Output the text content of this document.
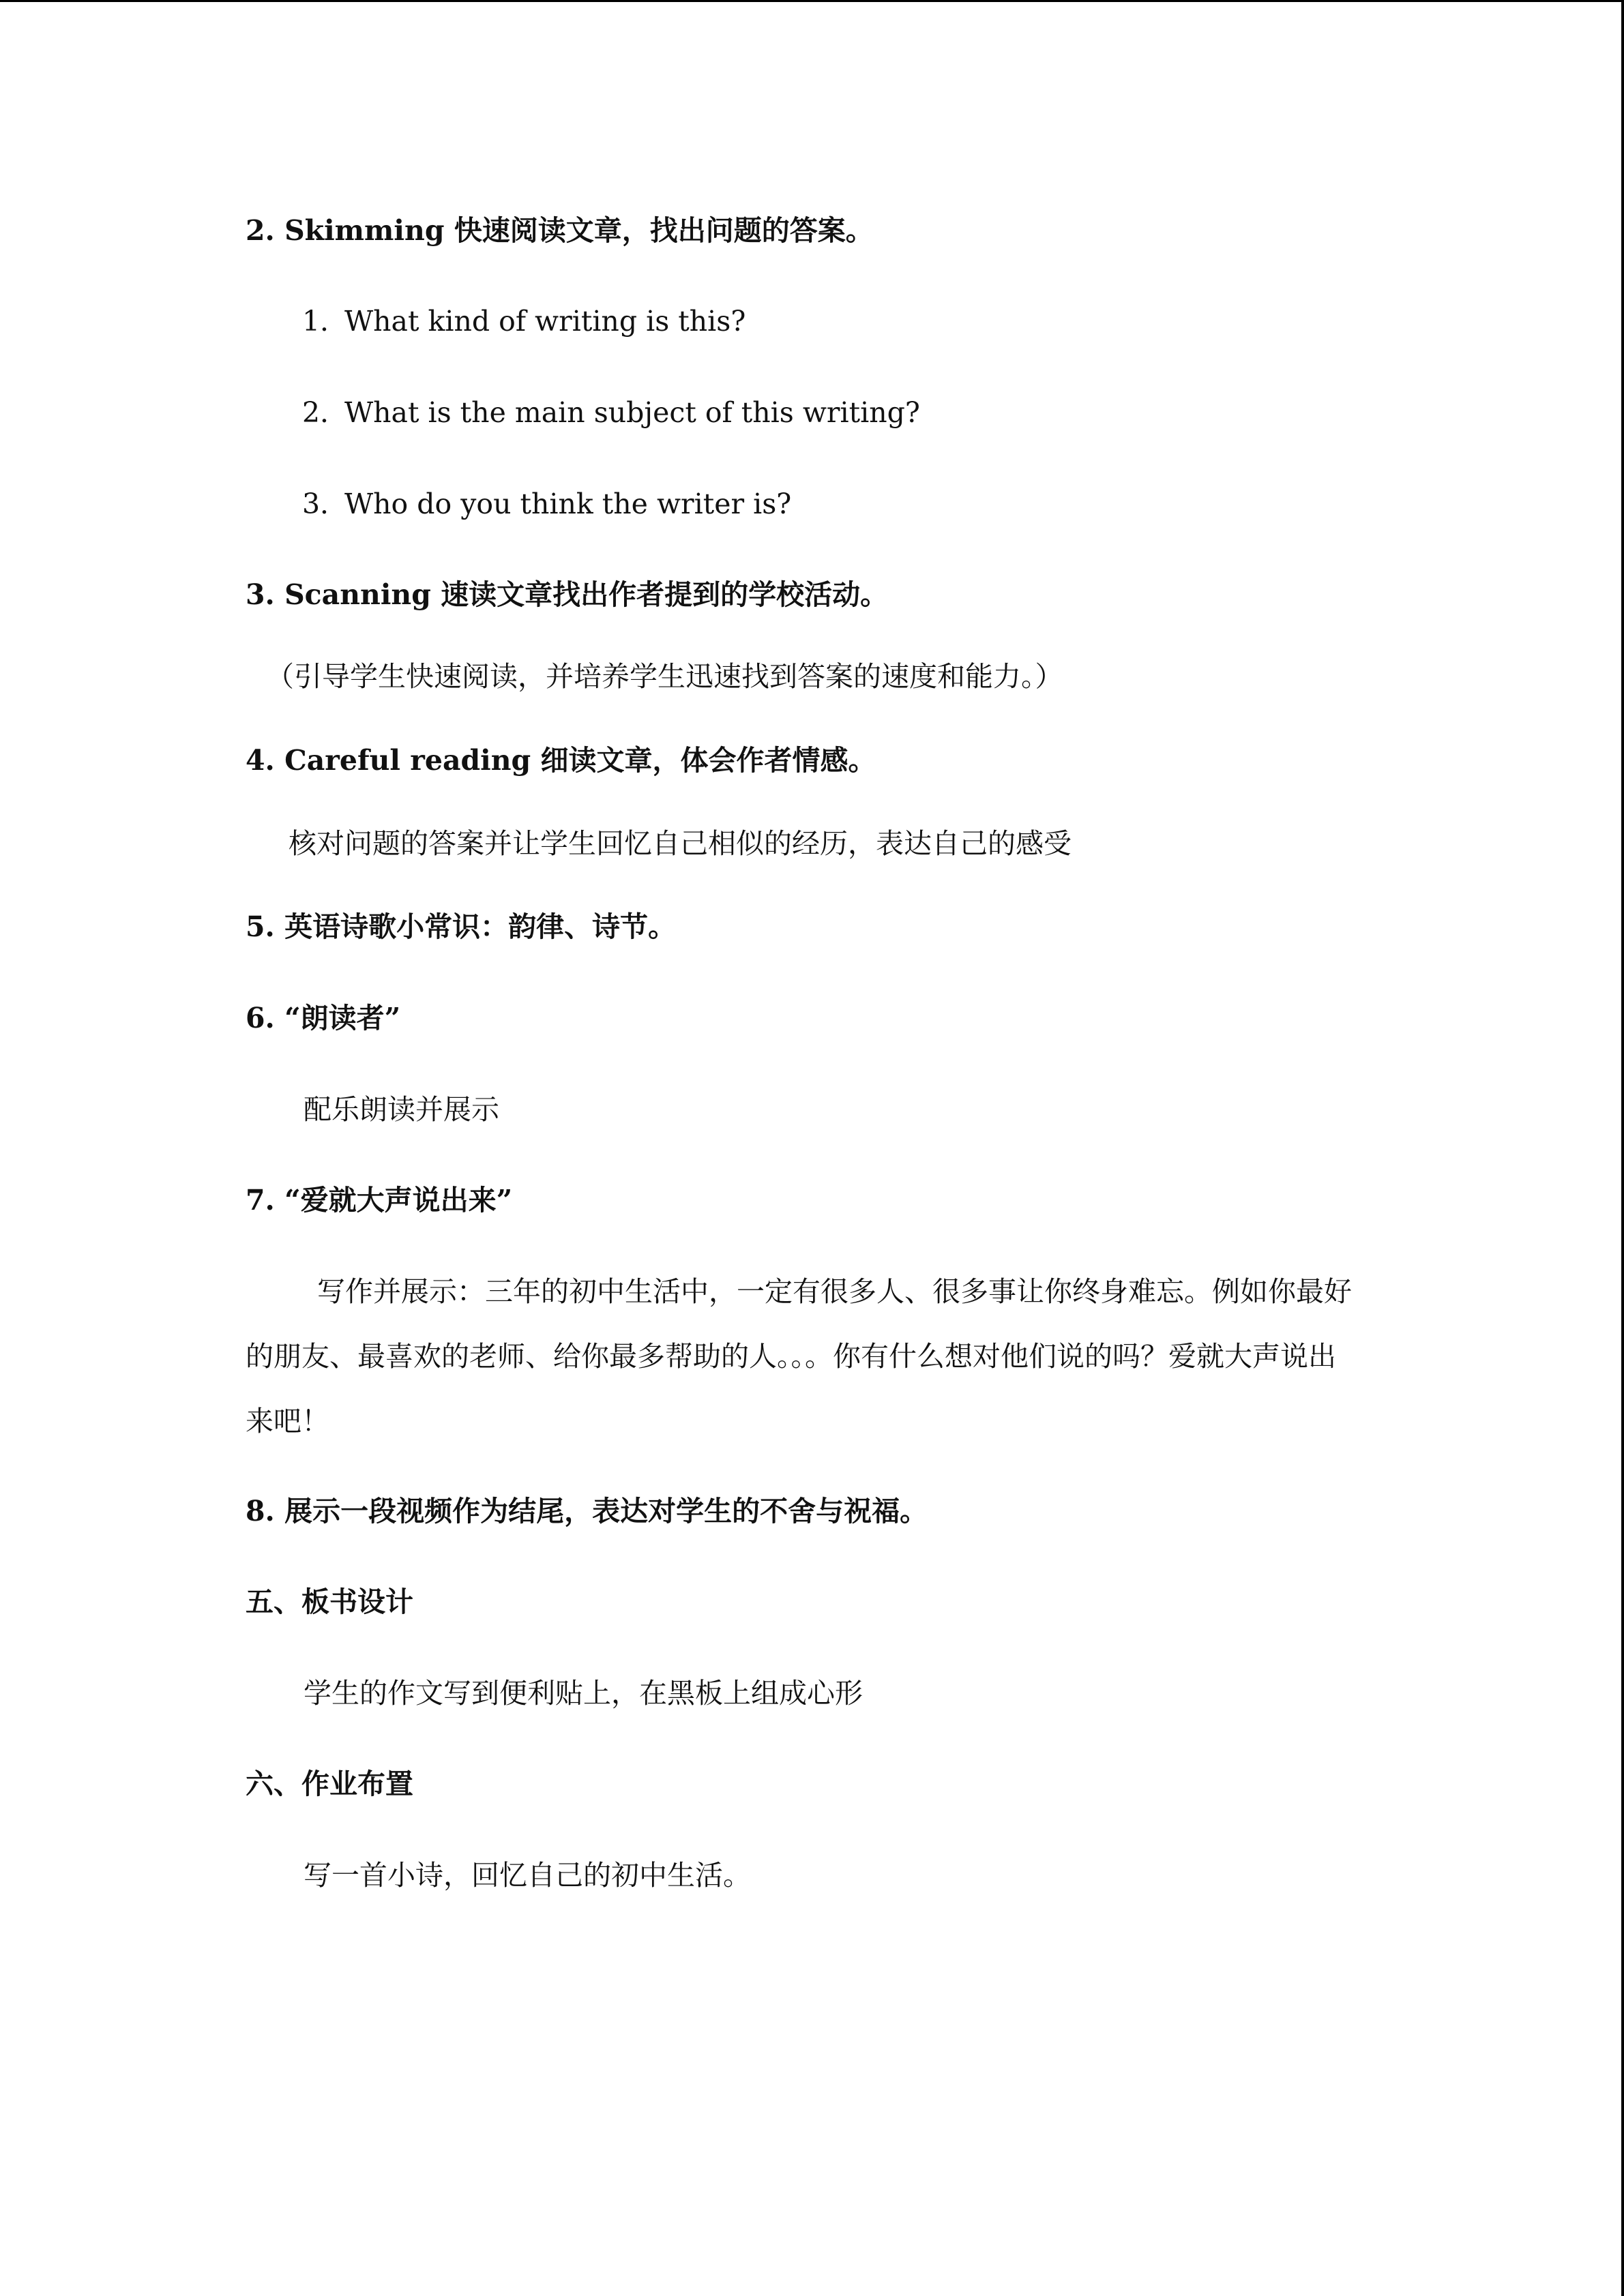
2. Skimming 快速阅读文章，找出问题的答案。
1．What kind of writing is this?
2．What is the main subject of this writing?
3．Who do you think the writer is?
3. Scanning 速读文章找出作者提到的学校活动。
（引导学生快速阅读，并培养学生迅速找到答案的速度和能力。）
4. Careful reading 细读文章，体会作者情感。
核对问题的答案并让学生回忆自己相似的经历，表达自己的感受
5. 英语诗歌小常识：韵律、诗节。
6. “朗读者”
配乐朗读并展示
7. “爱就大声说出来”
写作并展示：三年的初中生活中，一定有很多人、很多事让你终身难忘。例如你最好
的朋友、最喜欢的老师、给你最多帮助的人。。。你有什么想对他们说的吗？爱就大声说出
来吧！
8. 展示一段视频作为结尾，表达对学生的不舍与祝福。
五、板书设计
学生的作文写到便利贴上，在黑板上组成心形
六、作业布置
写一首小诗，回忆自己的初中生活。
